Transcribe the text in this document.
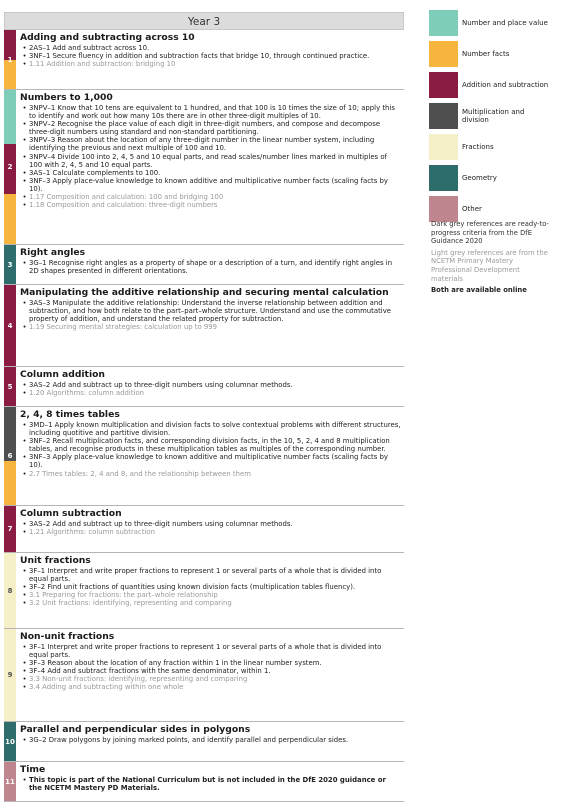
Year 3
1
Adding and subtracting across 10
• 2AS–1 Add and subtract across 10.
• 3NF–1 Secure fluency in addition and subtraction facts that bridge 10, through continued practice.
• 1.11 Addition and subtraction: bridging 10
2
Numbers to 1,000
• 3NPV–1 Know that 10 tens are equivalent to 1 hundred, and that 100 is 10 times the size of 10; apply this to identify and work out how many 10s there are in other three-digit multiples of 10.
• 3NPV–2 Recognise the place value of each digit in three-digit numbers, and compose and decompose three-digit numbers using standard and non-standard partitioning.
• 3NPV–3 Reason about the location of any three-digit number in the linear number system, including identifying the previous and next multiple of 100 and 10.
• 3NPV–4 Divide 100 into 2, 4, 5 and 10 equal parts, and read scales/number lines marked in multiples of 100 with 2, 4, 5 and 10 equal parts.
• 3AS–1 Calculate complements to 100.
• 3NF–3 Apply place-value knowledge to known additive and multiplicative number facts (scaling facts by 10).
• 1.17 Composition and calculation: 100 and bridging 100
• 1.18 Composition and calculation: three-digit numbers
3
Right angles
• 3G–1 Recognise right angles as a property of shape or a description of a turn, and identify right angles in 2D shapes presented in different orientations.
4
Manipulating the additive relationship and securing mental calculation
• 3AS–3 Manipulate the additive relationship: Understand the inverse relationship between addition and subtraction, and how both relate to the part–part–whole structure. Understand and use the commutative property of addition, and understand the related property for subtraction.
• 1.19 Securing mental strategies: calculation up to 999
5
Column addition
• 3AS–2 Add and subtract up to three-digit numbers using columnar methods.
• 1.20 Algorithms: column addition
6
2, 4, 8 times tables
• 3MD–1 Apply known multiplication and division facts to solve contextual problems with different structures, including quotitive and partitive division.
• 3NF–2 Recall multiplication facts, and corresponding division facts, in the 10, 5, 2, 4 and 8 multiplication tables, and recognise products in these multiplication tables as multiples of the corresponding number.
• 3NF–3 Apply place-value knowledge to known additive and multiplicative number facts (scaling facts by 10).
• 2.7 Times tables: 2, 4 and 8, and the relationship between them
7
Column subtraction
• 3AS–2 Add and subtract up to three-digit numbers using columnar methods.
• 1.21 Algorithms: column subtraction
8
Unit fractions
• 3F–1 Interpret and write proper fractions to represent 1 or several parts of a whole that is divided into equal parts.
• 3F–2 Find unit fractions of quantities using known division facts (multiplication tables fluency).
• 3.1 Preparing for fractions: the part–whole relationship
• 3.2 Unit fractions: identifying, representing and comparing
9
Non-unit fractions
• 3F–1 Interpret and write proper fractions to represent 1 or several parts of a whole that is divided into equal parts.
• 3F–3 Reason about the location of any fraction within 1 in the linear number system.
• 3F–4 Add and subtract fractions with the same denominator, within 1.
• 3.3 Non-unit fractions: identifying, representing and comparing
• 3.4 Adding and subtracting within one whole
10
Parallel and perpendicular sides in polygons
• 3G–2 Draw polygons by joining marked points, and identify parallel and perpendicular sides.
11
Time
• This topic is part of the National Curriculum but is not included in the DfE 2020 guidance or the NCETM Mastery PD Materials.
Number and place value
Number facts
Addition and subtraction
Multiplication and division
Fractions
Geometry
Other
Dark grey references are ready-to-progress criteria from the DfE Guidance 2020
Light grey references are from the NCETM Primary Mastery Professional Development materials
Both are available online
